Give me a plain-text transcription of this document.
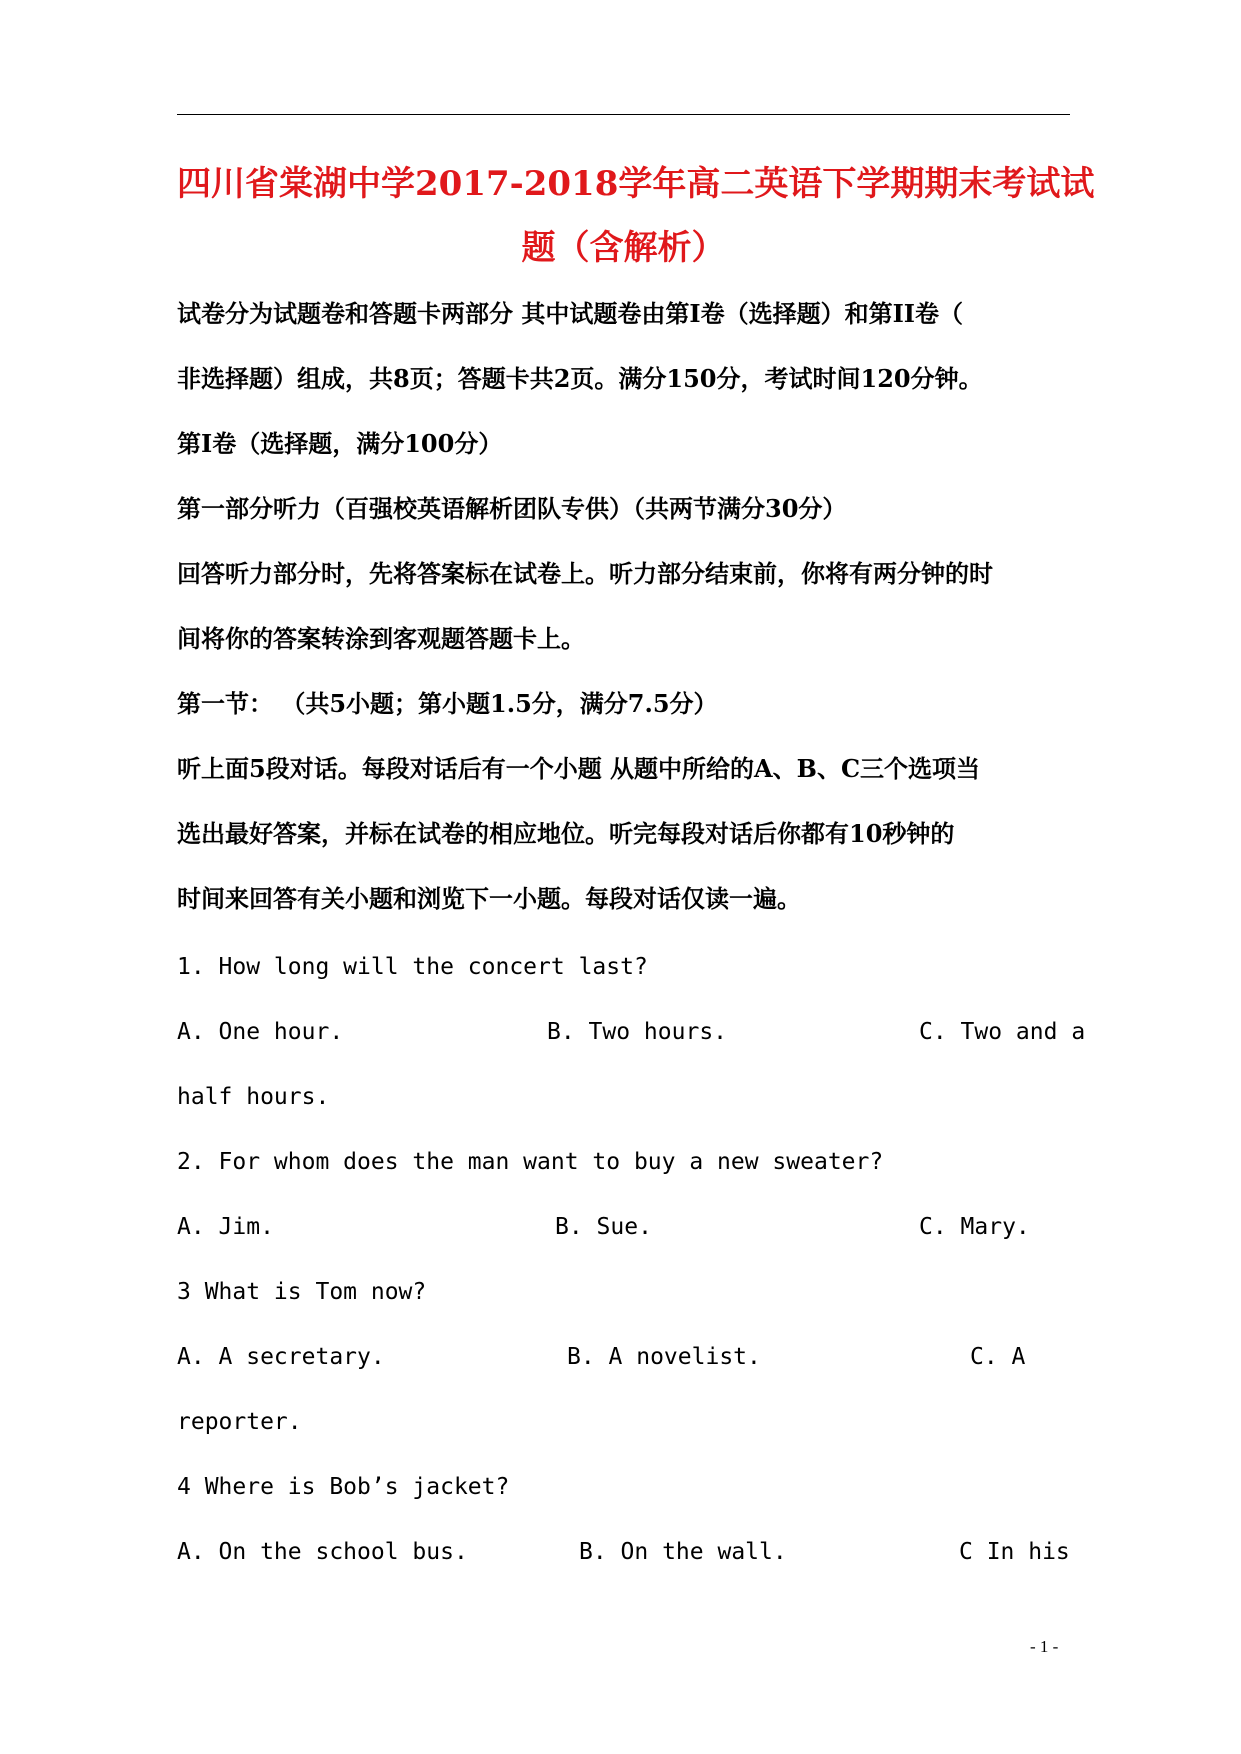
四川省棠湖中学2017-2018学年高二英语下学期期末考试试
题（含解析）
试卷分为试题卷和答题卡两部分 其中试题卷由第I卷（选择题）和第II卷（
非选择题）组成，共8页；答题卡共2页。满分150分，考试时间120分钟。
第I卷（选择题，满分100分）
第一部分听力（百强校英语解析团队专供）（共两节满分30分）
回答听力部分时，先将答案标在试卷上。听力部分结束前，你将有两分钟的时
间将你的答案转涂到客观题答题卡上。
第一节： （共5小题；第小题1.5分，满分7.5分）
听上面5段对话。每段对话后有一个小题 从题中所给的A、B、C三个选项当
选出最好答案，并标在试卷的相应地位。听完每段对话后你都有10秒钟的
时间来回答有关小题和浏览下一小题。每段对话仅读一遍。
1. How long will the concert last?
A. One hour.	B. Two hours.	C. Two and a
half hours.
2. For whom does the man want to buy a new sweater?
A. Jim.	B. Sue.	C. Mary.
3 What is Tom now?
A. A secretary.	B. A novelist.	C. A
reporter.
4 Where is Bob’s jacket?
A. On the school bus.	B. On the wall.	C In his
- 1 -
